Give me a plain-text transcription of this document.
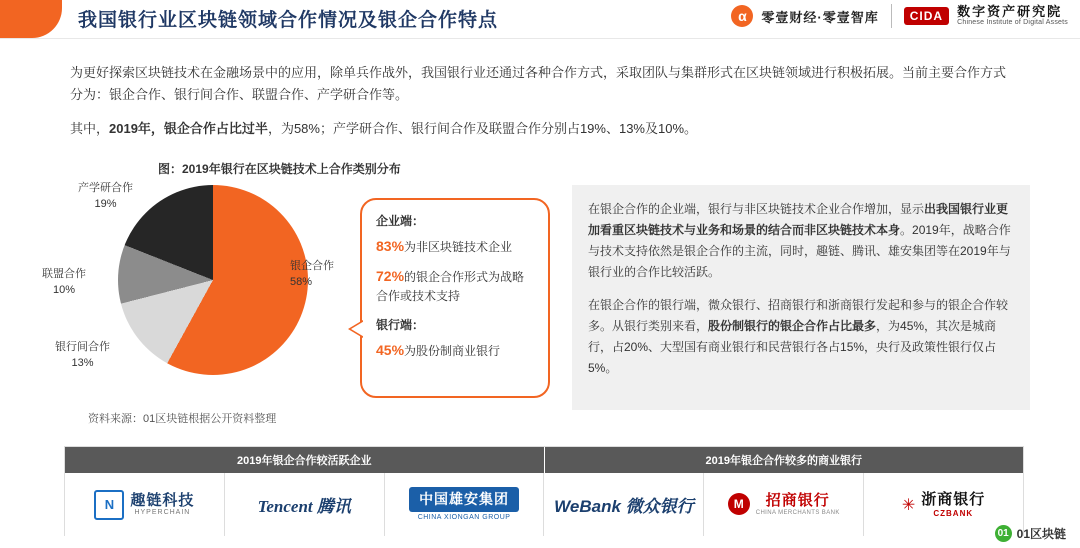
我国银行业区块链领域合作情况及银企合作特点	α	零壹财经·零壹智库	CIDA	数字资产研究院
Chinese Institute of Digital Assets
为更好探索区块链技术在金融场景中的应用，除单兵作战外，我国银行业还通过各种合作方式，采取团队与集群形式在区块链领域进行积极拓展。当前主要合作方式分为：银企合作、银行间合作、联盟合作、产学研合作等。
其中，2019年，银企合作占比过半，为58%；产学研合作、银行间合作及联盟合作分别占19%、13%及10%。
图：2019年银行在区块链技术上合作类别分布
产学研合作
19%
联盟合作
10%
银行间合作
13%
银企合作
58%
资料来源：01区块链根据公开资料整理
企业端：
83%为非区块链技术企业
72%的银企合作形式为战略合作或技术支持
银行端：
45%为股份制商业银行

在银企合作的企业端，银行与非区块链技术企业合作增加，显示出我国银行业更加看重区块链技术与业务和场景的结合而非区块链技术本身。2019年，战略合作与技术支持依然是银企合作的主流，同时，趣链、腾讯、雄安集团等在2019年与银行业的合作比较活跃。

在银企合作的银行端，微众银行、招商银行和浙商银行发起和参与的银企合作较多。从银行类别来看，股份制银行的银企合作占比最多，为45%，其次是城商行，占20%、大型国有商业银行和民营银行各占15%，央行及政策性银行仅占5%。

2019年银企合作较活跃企业	2019年银企合作较多的商业银行
N	趣链科技
HYPERCHAIN	Tencent 腾讯	中国雄安集团
CHINA XIONGAN GROUP
WeBank 微众银行	M	招商银行
CHINA MERCHANTS BANK	✳ 浙商银行
CZBANK
01 01区块链
